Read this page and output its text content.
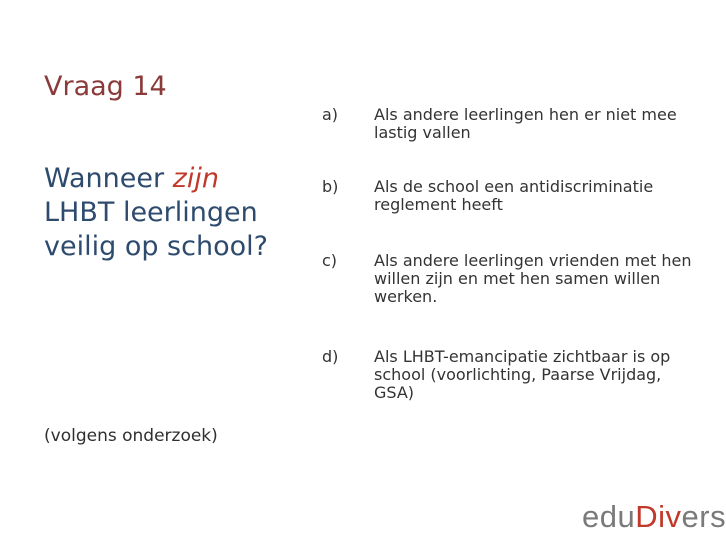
Vraag 14
Wanneer zijn LHBT leerlingen veilig op school?
(volgens onderzoek)
a)	Als andere leerlingen hen er niet mee lastig vallen
b)	Als de school een antidiscriminatie reglement heeft
c)	Als andere leerlingen vrienden met hen willen zijn en met hen samen willen werken.
d)	Als LHBT-emancipatie zichtbaar is op school (voorlichting, Paarse Vrijdag, GSA)
eduDivers
